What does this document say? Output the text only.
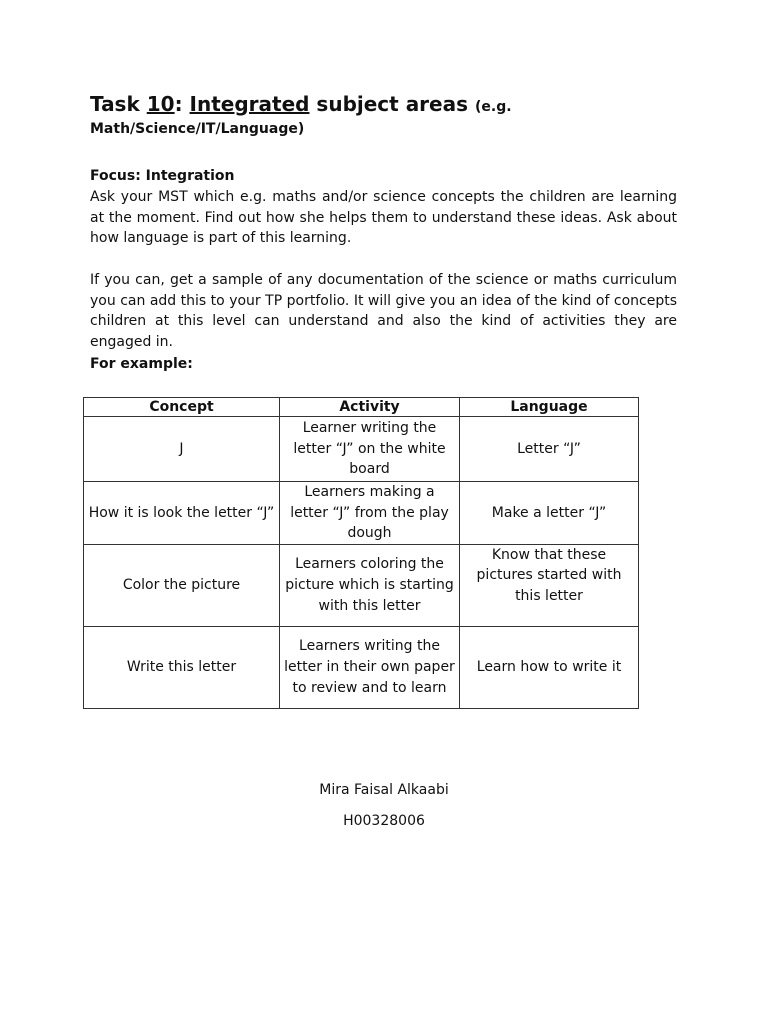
Task 10: Integrated subject areas (e.g.

Math/Science/IT/Language)

Focus: Integration

Ask your MST which e.g. maths and/or science concepts the children are learning at the moment. Find out how she helps them to understand these ideas. Ask about how language is part of this learning.

If you can, get a sample of any documentation of the science or maths curriculum you can add this to your TP portfolio. It will give you an idea of the kind of concepts children at this level can understand and also the kind of activities they are engaged in.

For example:

Concept	Activity	Language
J	Learner writing the letter “J” on the white board	Letter “J”
How it is look the letter “J”	Learners making a letter “J” from the play dough	Make a letter “J”
Color the picture	Learners coloring the picture which is starting with this letter	Know that these pictures started with this letter
Write this letter	Learners writing the letter in their own paper to review and to learn	Learn how to write it

Mira Faisal Alkaabi

H00328006
